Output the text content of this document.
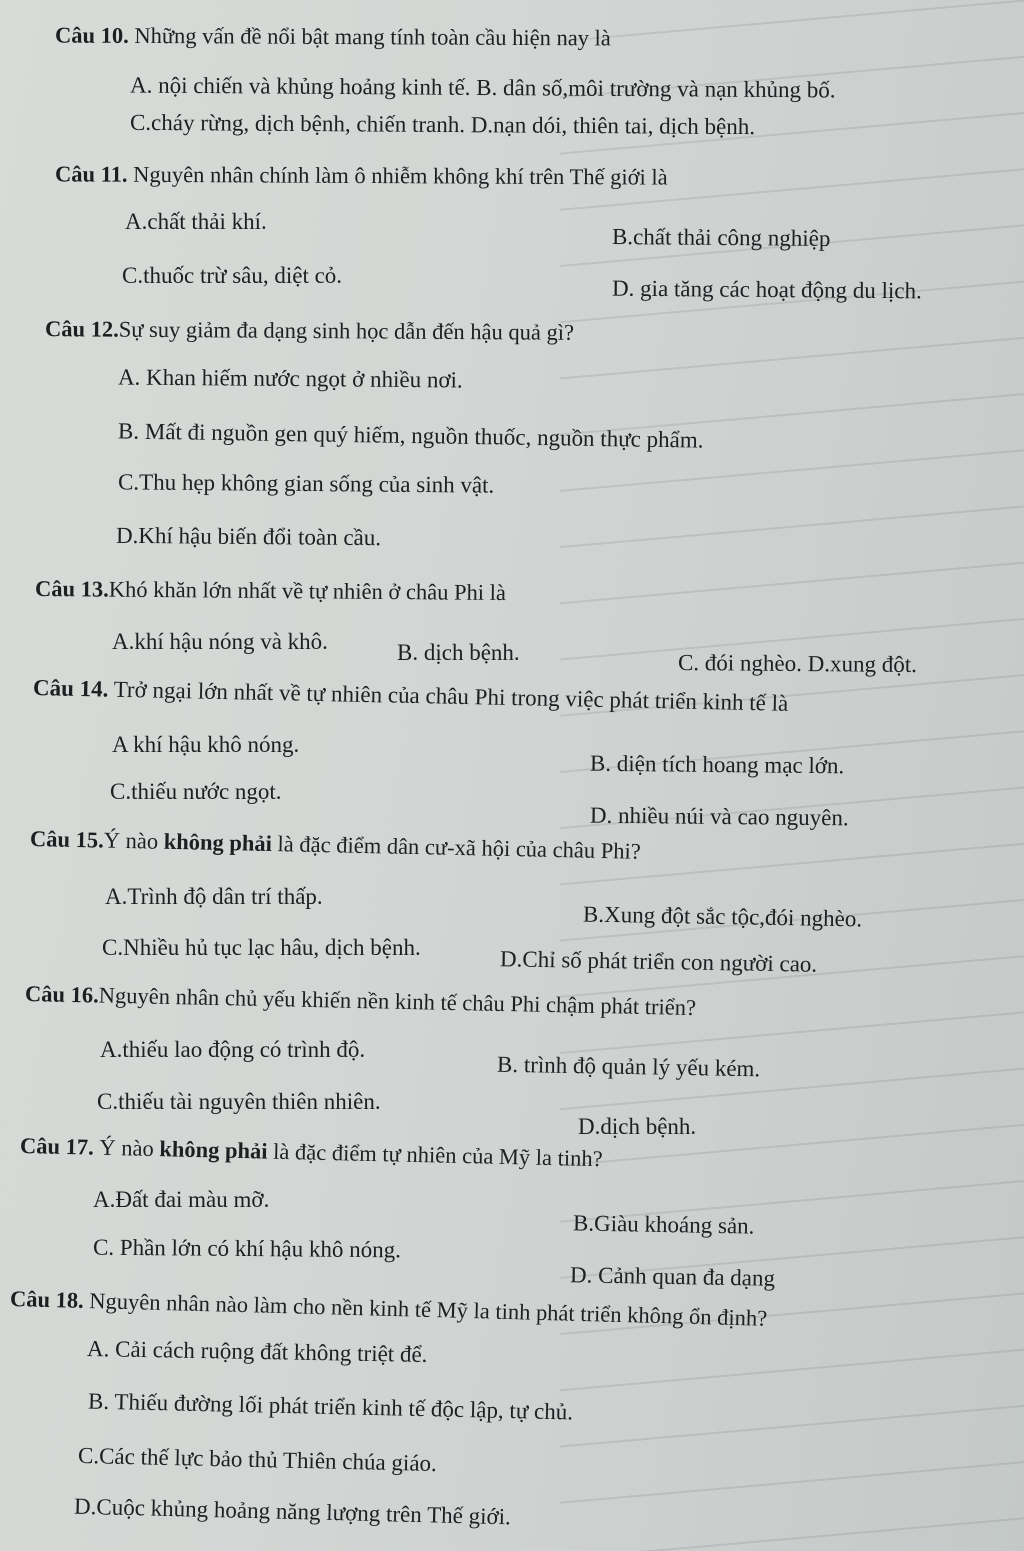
Câu 10. Những vấn đề nổi bật mang tính toàn cầu hiện nay là
A. nội chiến và khủng hoảng kinh tế. B. dân số,môi trường và nạn khủng bố.
C.cháy rừng, dịch bệnh, chiến tranh. D.nạn dói, thiên tai, dịch bệnh.
Câu 11. Nguyên nhân chính làm ô nhiễm không khí trên Thế giới là
A.chất thải khí.
B.chất thải công nghiệp
C.thuốc trừ sâu, diệt cỏ.
D. gia tăng các hoạt động du lịch.
Câu 12.Sự suy giảm đa dạng sinh học dẫn đến hậu quả gì?
A. Khan hiếm nước ngọt ở nhiều nơi.
B. Mất đi nguồn gen quý hiếm, nguồn thuốc, nguồn thực phẩm.
C.Thu hẹp không gian sống của sinh vật.
D.Khí hậu biến đổi toàn cầu.
Câu 13.Khó khăn lớn nhất về tự nhiên ở châu Phi là
A.khí hậu nóng và khô.	B. dịch bệnh.	C. đói nghèo. D.xung đột.
Câu 14. Trở ngại lớn nhất về tự nhiên của châu Phi trong việc phát triển kinh tế là
A khí hậu khô nóng.
B. diện tích hoang mạc lớn.
C.thiếu nước ngọt.
D. nhiều núi và cao nguyên.
Câu 15.Ý nào không phải là đặc điểm dân cư-xã hội của châu Phi?
A.Trình độ dân trí thấp.
B.Xung đột sắc tộc,đói nghèo.
C.Nhiều hủ tục lạc hâu, dịch bệnh.	D.Chỉ số phát triển con người cao.
Câu 16.Nguyên nhân chủ yếu khiến nền kinh tế châu Phi chậm phát triển?
A.thiếu lao động có trình độ.
B. trình độ quản lý yếu kém.
C.thiếu tài nguyên thiên nhiên.
D.dịch bệnh.
Câu 17. Ý nào không phải là đặc điểm tự nhiên của Mỹ la tinh?
A.Đất đai màu mỡ.
B.Giàu khoáng sản.
C. Phần lớn có khí hậu khô nóng.
D. Cảnh quan đa dạng
Câu 18. Nguyên nhân nào làm cho nền kinh tế Mỹ la tinh phát triển không ổn định?
A. Cải cách ruộng đất không triệt để.
B. Thiếu đường lối phát triển kinh tế độc lập, tự chủ.
C.Các thế lực bảo thủ Thiên chúa giáo.
D.Cuộc khủng hoảng năng lượng trên Thế giới.
